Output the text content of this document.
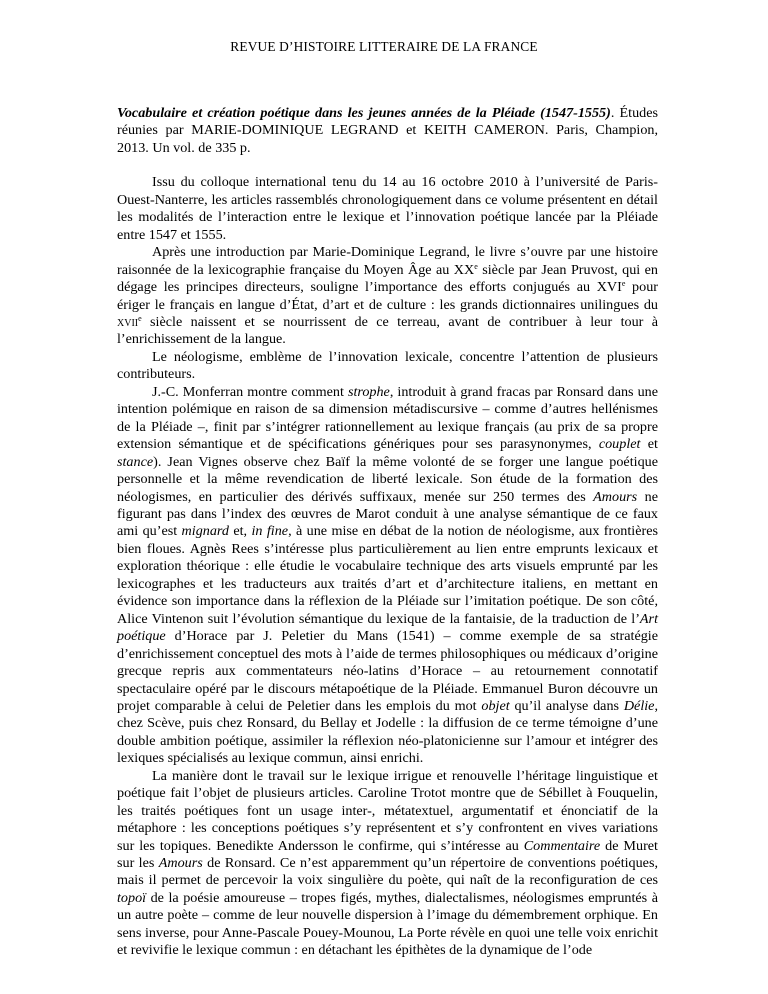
REVUE D’HISTOIRE LITTERAIRE DE LA FRANCE

Vocabulaire et création poétique dans les jeunes années de la Pléiade (1547-1555). Études réunies par MARIE-DOMINIQUE LEGRAND et KEITH CAMERON. Paris, Champion, 2013. Un vol. de 335 p.

Issu du colloque international tenu du 14 au 16 octobre 2010 à l’université de Paris-Ouest-Nanterre, les articles rassemblés chronologiquement dans ce volume présentent en détail les modalités de l’interaction entre le lexique et l’innovation poétique lancée par la Pléiade entre 1547 et 1555.

Après une introduction par Marie-Dominique Legrand, le livre s’ouvre par une histoire raisonnée de la lexicographie française du Moyen Âge au XXe siècle par Jean Pruvost, qui en dégage les principes directeurs, souligne l’importance des efforts conjugués au XVIe pour ériger le français en langue d’État, d’art et de culture : les grands dictionnaires unilingues du xvii$^e$ siècle naissent et se nourrissent de ce terreau, avant de contribuer à leur tour à l’enrichissement de la langue.

Le néologisme, emblème de l’innovation lexicale, concentre l’attention de plusieurs contributeurs.

J.-C. Monferran montre comment strophe, introduit à grand fracas par Ronsard dans une intention polémique en raison de sa dimension métadiscursive – comme d’autres hellénismes de la Pléiade –, finit par s’intégrer rationnellement au lexique français (au prix de sa propre extension sémantique et de spécifications génériques pour ses parasynonymes, couplet et stance). Jean Vignes observe chez Baïf la même volonté de se forger une langue poétique personnelle et la même revendication de liberté lexicale. Son étude de la formation des néologismes, en particulier des dérivés suffixaux, menée sur 250 termes des Amours ne figurant pas dans l’index des œuvres de Marot conduit à une analyse sémantique de ce faux ami qu’est mignard et, in fine, à une mise en débat de la notion de néologisme, aux frontières bien floues. Agnès Rees s’intéresse plus particulièrement au lien entre emprunts lexicaux et exploration théorique : elle étudie le vocabulaire technique des arts visuels emprunté par les lexicographes et les traducteurs aux traités d’art et d’architecture italiens, en mettant en évidence son importance dans la réflexion de la Pléiade sur l’imitation poétique. De son côté, Alice Vintenon suit l’évolution sémantique du lexique de la fantaisie, de la traduction de l’Art poétique d’Horace par J. Peletier du Mans (1541) – comme exemple de sa stratégie d’enrichissement conceptuel des mots à l’aide de termes philosophiques ou médicaux d’origine grecque repris aux commentateurs néo-latins d’Horace – au retournement connotatif spectaculaire opéré par le discours métapoétique de la Pléiade. Emmanuel Buron découvre un projet comparable à celui de Peletier dans les emplois du mot objet qu’il analyse dans Délie, chez Scève, puis chez Ronsard, du Bellay et Jodelle : la diffusion de ce terme témoigne d’une double ambition poétique, assimiler la réflexion néo-platonicienne sur l’amour et intégrer des lexiques spécialisés au lexique commun, ainsi enrichi.

La manière dont le travail sur le lexique irrigue et renouvelle l’héritage linguistique et poétique fait l’objet de plusieurs articles. Caroline Trotot montre que de Sébillet à Fouquelin, les traités poétiques font un usage inter-, métatextuel, argumentatif et énonciatif de la métaphore : les conceptions poétiques s’y représentent et s’y confrontent en vives variations sur les topiques. Benedikte Andersson le confirme, qui s’intéresse au Commentaire de Muret sur les Amours de Ronsard. Ce n’est apparemment qu’un répertoire de conventions poétiques, mais il permet de percevoir la voix singulière du poète, qui naît de la reconfiguration de ces topoï de la poésie amoureuse – tropes figés, mythes, dialectalismes, néologismes empruntés à un autre poète – comme de leur nouvelle dispersion à l’image du démembrement orphique. En sens inverse, pour Anne-Pascale Pouey-Mounou, La Porte révèle en quoi une telle voix enrichit et revivifie le lexique commun : en détachant les épithètes de la dynamique de l’ode
